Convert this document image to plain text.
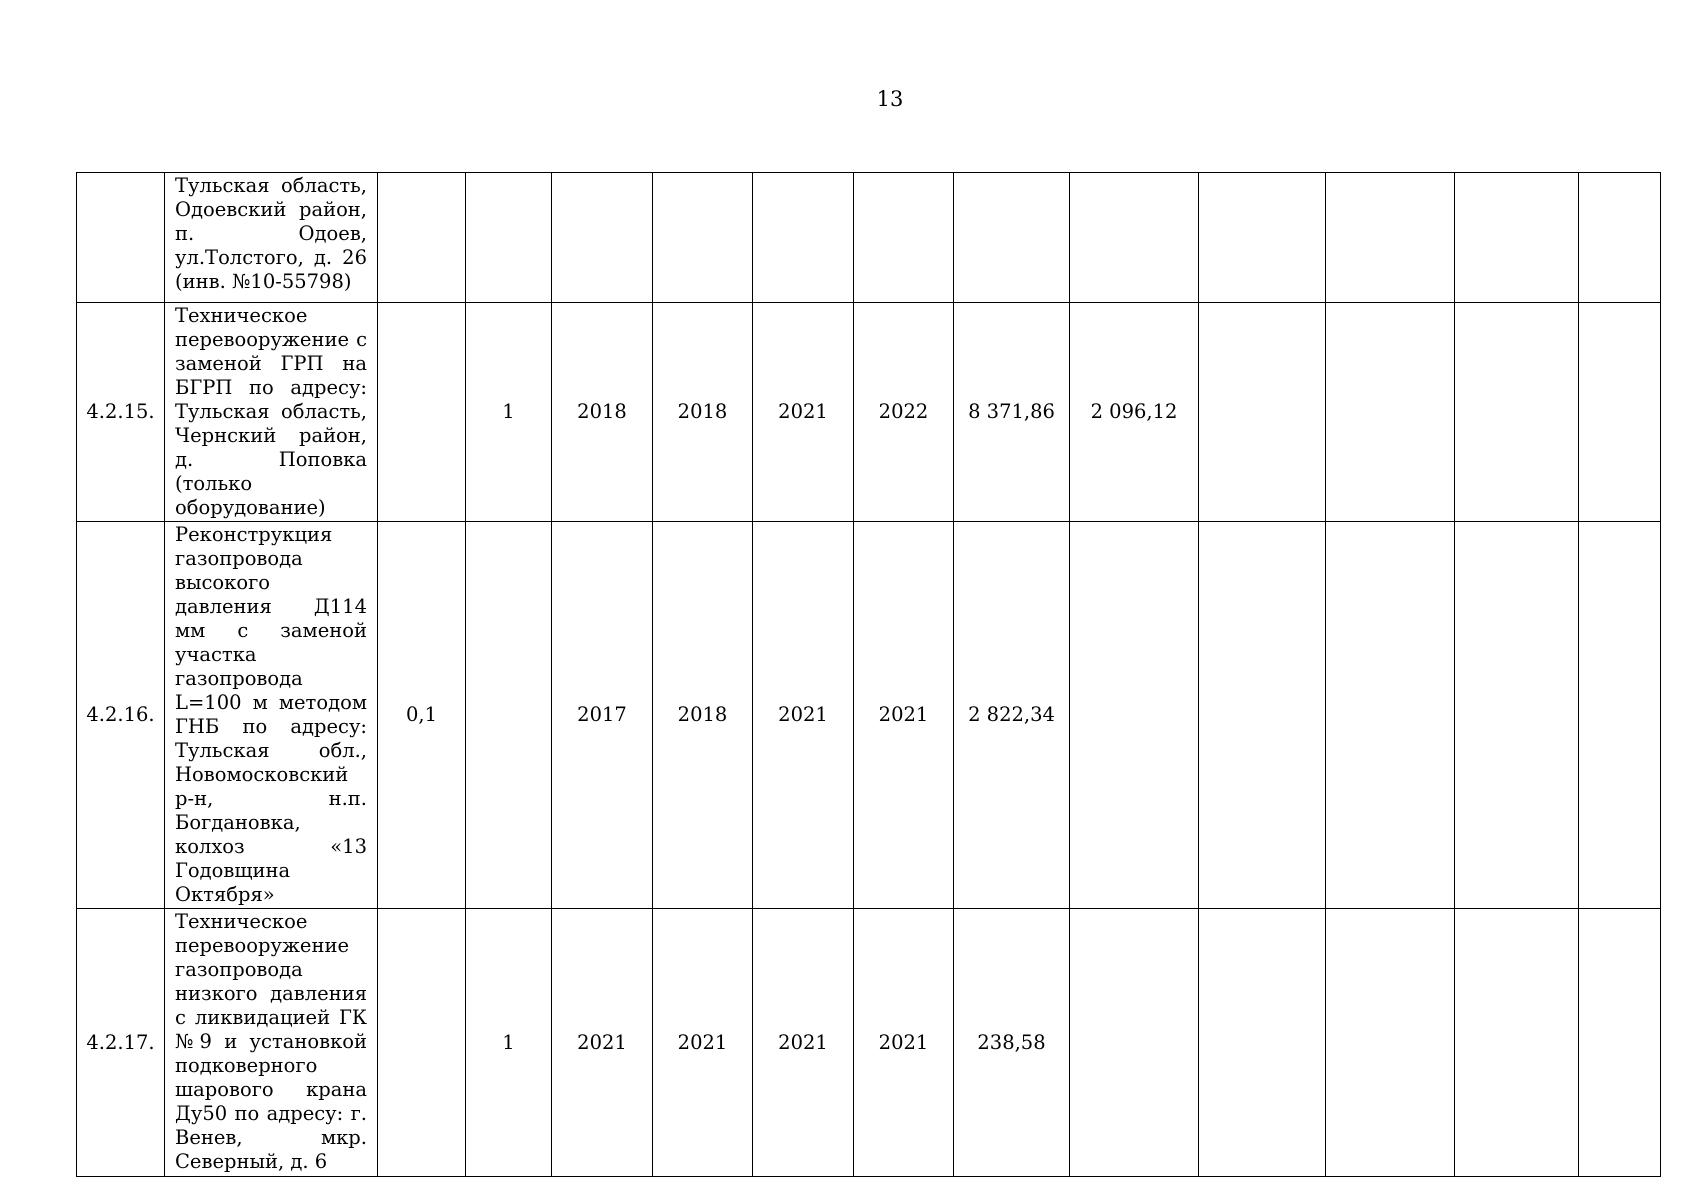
13
	Тульская область, Одоевский район, п. Одоев, ул.Толстого, д. 26 (инв. №10-55798)												
4.2.15.	Техническое перевооружение с заменой ГРП на БГРП по адресу: Тульская область, Чернский район, д. Поповка (только оборудование)		1	2018	2018	2021	2022	8 371,86	2 096,12				
4.2.16.	Реконструкция газопровода высокого давления Д114 мм с заменой участка газопровода L=100 м методом ГНБ по адресу: Тульская обл., Новомосковский р-н, н.п. Богдановка, колхоз «13 Годовщина Октября»	0,1		2017	2018	2021	2021	2 822,34					
4.2.17.	Техническое перевооружение газопровода низкого давления с ликвидацией ГК №9 и установкой подковерного шарового крана Ду50 по адресу: г. Венев, мкр. Северный, д. 6		1	2021	2021	2021	2021	238,58					
